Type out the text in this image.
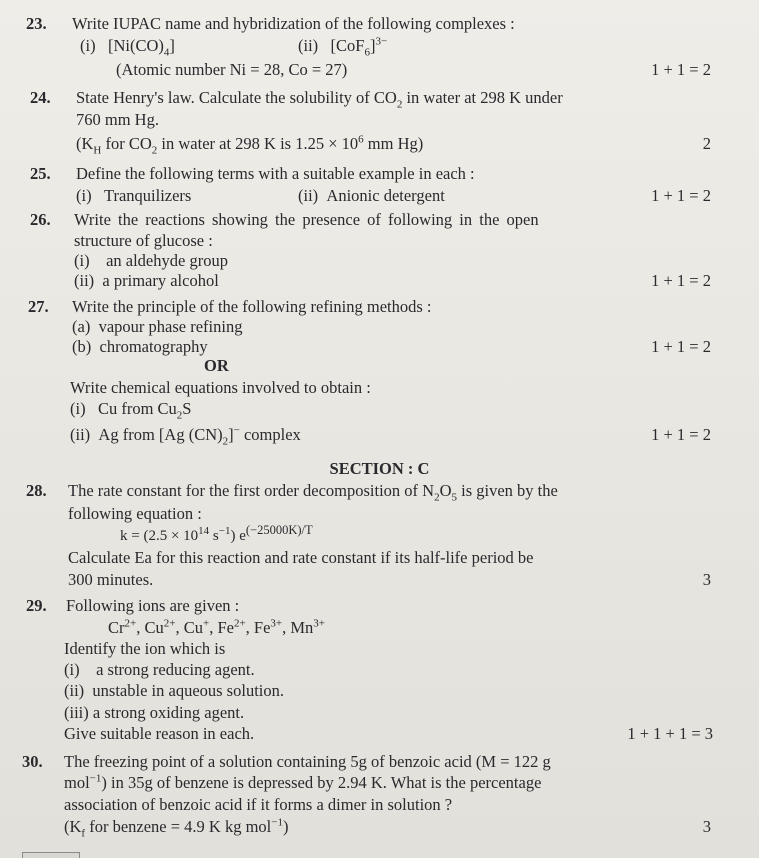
23. Write IUPAC name and hybridization of the following complexes :
(i) $[Ni(CO)_4]$	(ii) $[CoF_6]^{3-}$
(Atomic number Ni = 28, Co = 27)	1 + 1 = 2
24. State Henry's law. Calculate the solubility of $CO_2$ in water at 298 K under
760 mm Hg.
($K_H$ for $CO_2$ in water at 298 K is $1.25 \times 10^6$ mm Hg)	2
25. Define the following terms with a suitable example in each :
(i) Tranquilizers	(ii) Anionic detergent	1 + 1 = 2
26. Write the reactions showing the presence of following in the open
structure of glucose :
(i) an aldehyde group
(ii) a primary alcohol	1 + 1 = 2
27. Write the principle of the following refining methods :
(a) vapour phase refining
(b) chromatography	1 + 1 = 2
OR
Write chemical equations involved to obtain :
(i) Cu from $Cu_2S$
(ii) Ag from [Ag $(CN)_2]^-$ complex	1 + 1 = 2
SECTION : C
28. The rate constant for the first order decomposition of $N_2O_5$ is given by the
following equation :
$k = (2.5 \times 10^{14}$ $s^{-1}$) $e^{(-25000K)/T}$
Calculate Ea for this reaction and rate constant if its half-life period be
300 minutes.	3
29. Following ions are given :
$Cr^{2+}$, $Cu^{2+}$, Cu+, $Fe^{2+}$, $Fe^{3+}$, $Mn^{3+}$
Identify the ion which is
(i) a strong reducing agent.
(ii) unstable in aqueous solution.
(iii) a strong oxiding agent.
Give suitable reason in each.	1 + 1 + 1 = 3
30. The freezing point of a solution containing 5g of benzoic acid (M = 122 g
mol$^{-1}$) in 35g of benzene is depressed by 2.94 K. What is the percentage
association of benzoic acid if it forms a dimer in solution ?
($K_f$ for benzene = 4.9 K kg mol$^{-1}$)	3
